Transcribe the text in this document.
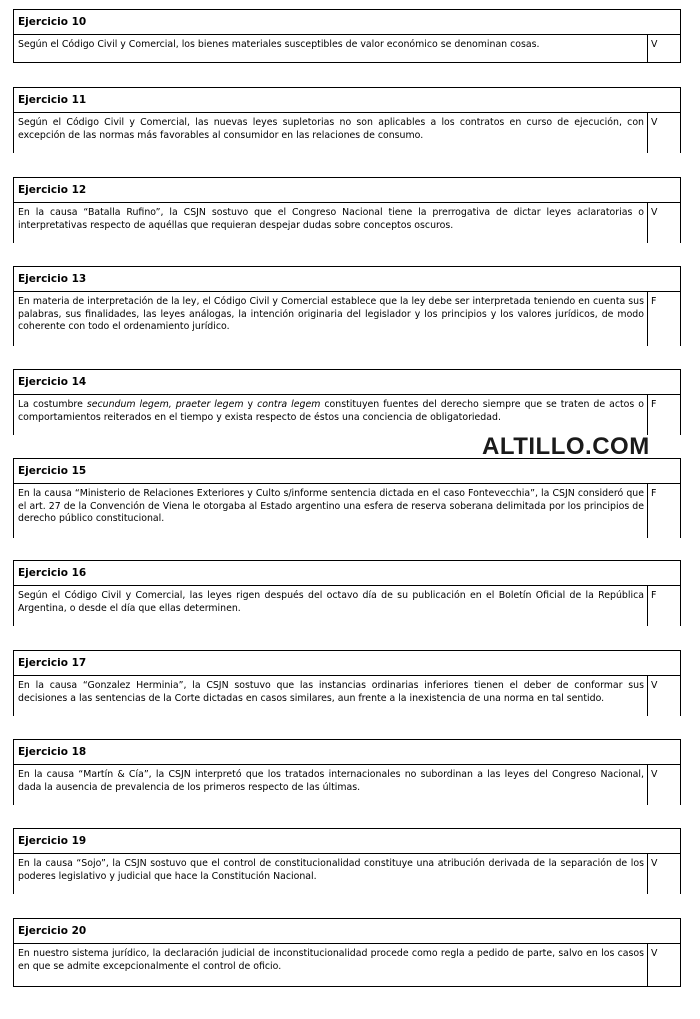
Ejercicio 10
Según el Código Civil y Comercial, los bienes materiales susceptibles de valor económico se denominan cosas.	V
Ejercicio 11
Según el Código Civil y Comercial, las nuevas leyes supletorias no son aplicables a los contratos en curso de ejecución, con excepción de las normas más favorables al consumidor en las relaciones de consumo.
V
Ejercicio 12
En la causa “Batalla Rufino”, la CSJN sostuvo que el Congreso Nacional tiene la prerrogativa de dictar leyes aclaratorias o interpretativas respecto de aquéllas que requieran despejar dudas sobre conceptos oscuros.
V
Ejercicio 13
En materia de interpretación de la ley, el Código Civil y Comercial establece que la ley debe ser interpretada teniendo en cuenta sus palabras, sus finalidades, las leyes análogas, la intención originaria del legislador y los principios y los valores jurídicos, de modo coherente con todo el ordenamiento jurídico.
F
Ejercicio 14
La costumbre secundum legem, praeter legem y contra legem constituyen fuentes del derecho siempre que se traten de actos o comportamientos reiterados en el tiempo y exista respecto de éstos una conciencia de obligatoriedad.
F
Ejercicio 15
En la causa “Ministerio de Relaciones Exteriores y Culto s/informe sentencia dictada en el caso Fontevecchia”, la CSJN consideró que el art. 27 de la Convención de Viena le otorgaba al Estado argentino una esfera de reserva soberana delimitada por los principios de derecho público constitucional.
F
Ejercicio 16
Según el Código Civil y Comercial, las leyes rigen después del octavo día de su publicación en el Boletín Oficial de la República Argentina, o desde el día que ellas determinen.
F
Ejercicio 17
En la causa “Gonzalez Herminia”, la CSJN sostuvo que las instancias ordinarias inferiores tienen el deber de conformar sus decisiones a las sentencias de la Corte dictadas en casos similares, aun frente a la inexistencia de una norma en tal sentido.
V
Ejercicio 18
En la causa “Martín & Cía”, la CSJN interpretó que los tratados internacionales no subordinan a las leyes del Congreso Nacional, dada la ausencia de prevalencia de los primeros respecto de las últimas.
V
Ejercicio 19
En la causa “Sojo”, la CSJN sostuvo que el control de constitucionalidad constituye una atribución derivada de la separación de los poderes legislativo y judicial que hace la Constitución Nacional.
V
Ejercicio 20
En nuestro sistema jurídico, la declaración judicial de inconstitucionalidad procede como regla a pedido de parte, salvo en los casos en que se admite excepcionalmente el control de oficio.
V
ALTILLO.COM
